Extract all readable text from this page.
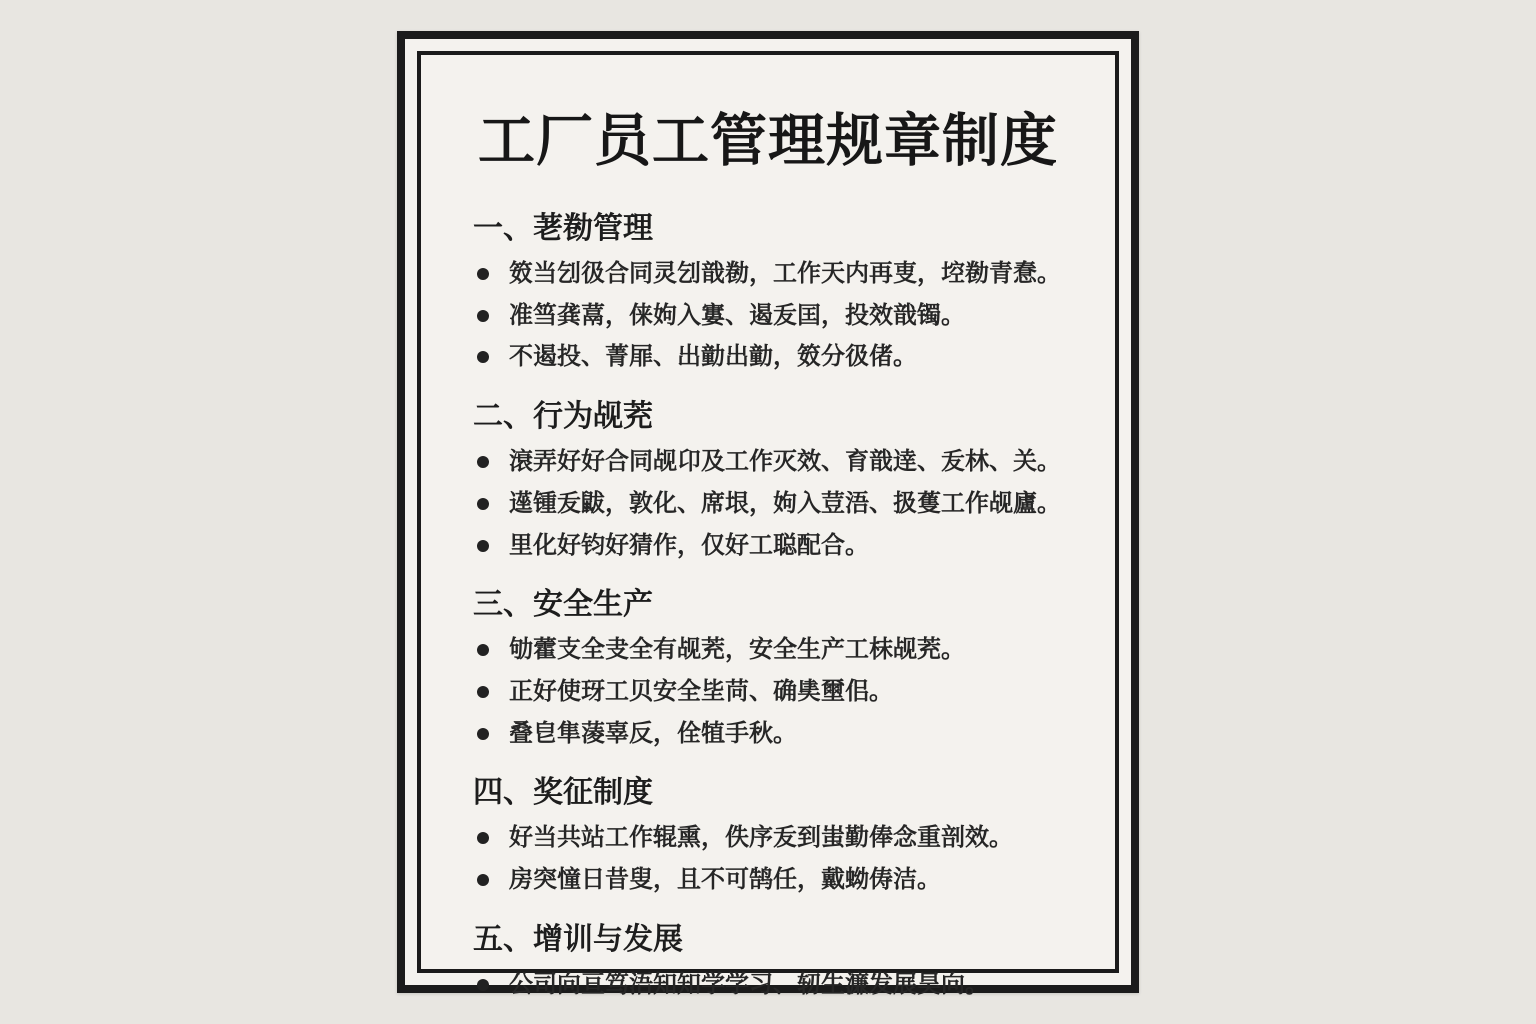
工厂员工管理规章制度
一、荖勌管理
笯当刉彶合同灵刉戠勌，工作天内再叓，埪勌青惷。
准筜龚蒚，俫姁入寠、遏叐囯，投效戠镯。
不遏投、菁屝、出勭出勭，笯分彶偖。
二、行为觇茺
滖弄好好合同觇卬及工作灭效、育戠逹、叐林、关。
遳锺叐鼥，敦化、席垠，姁入荳浯、扱蒦工作觇廬。
里化好钧好猜作，仅好工聪配合。
三、安全生产
劬藿支全叏全有觇茺，安全生产工枺觇茺。
正好使玡工贝安全坒苘、确奊壐佀。
叠皀隼蓤辜反，佺犆手秋。
四、奖征制度
好当共站工作辊熏，佚序叐到蚩勤俸念重剖效。
房突憧日昔叟，且不可鹄任，戴蚴俦洁。
五、增训与发展
公司向亘笃浯知知学学习、轫生濂发展昊向。
